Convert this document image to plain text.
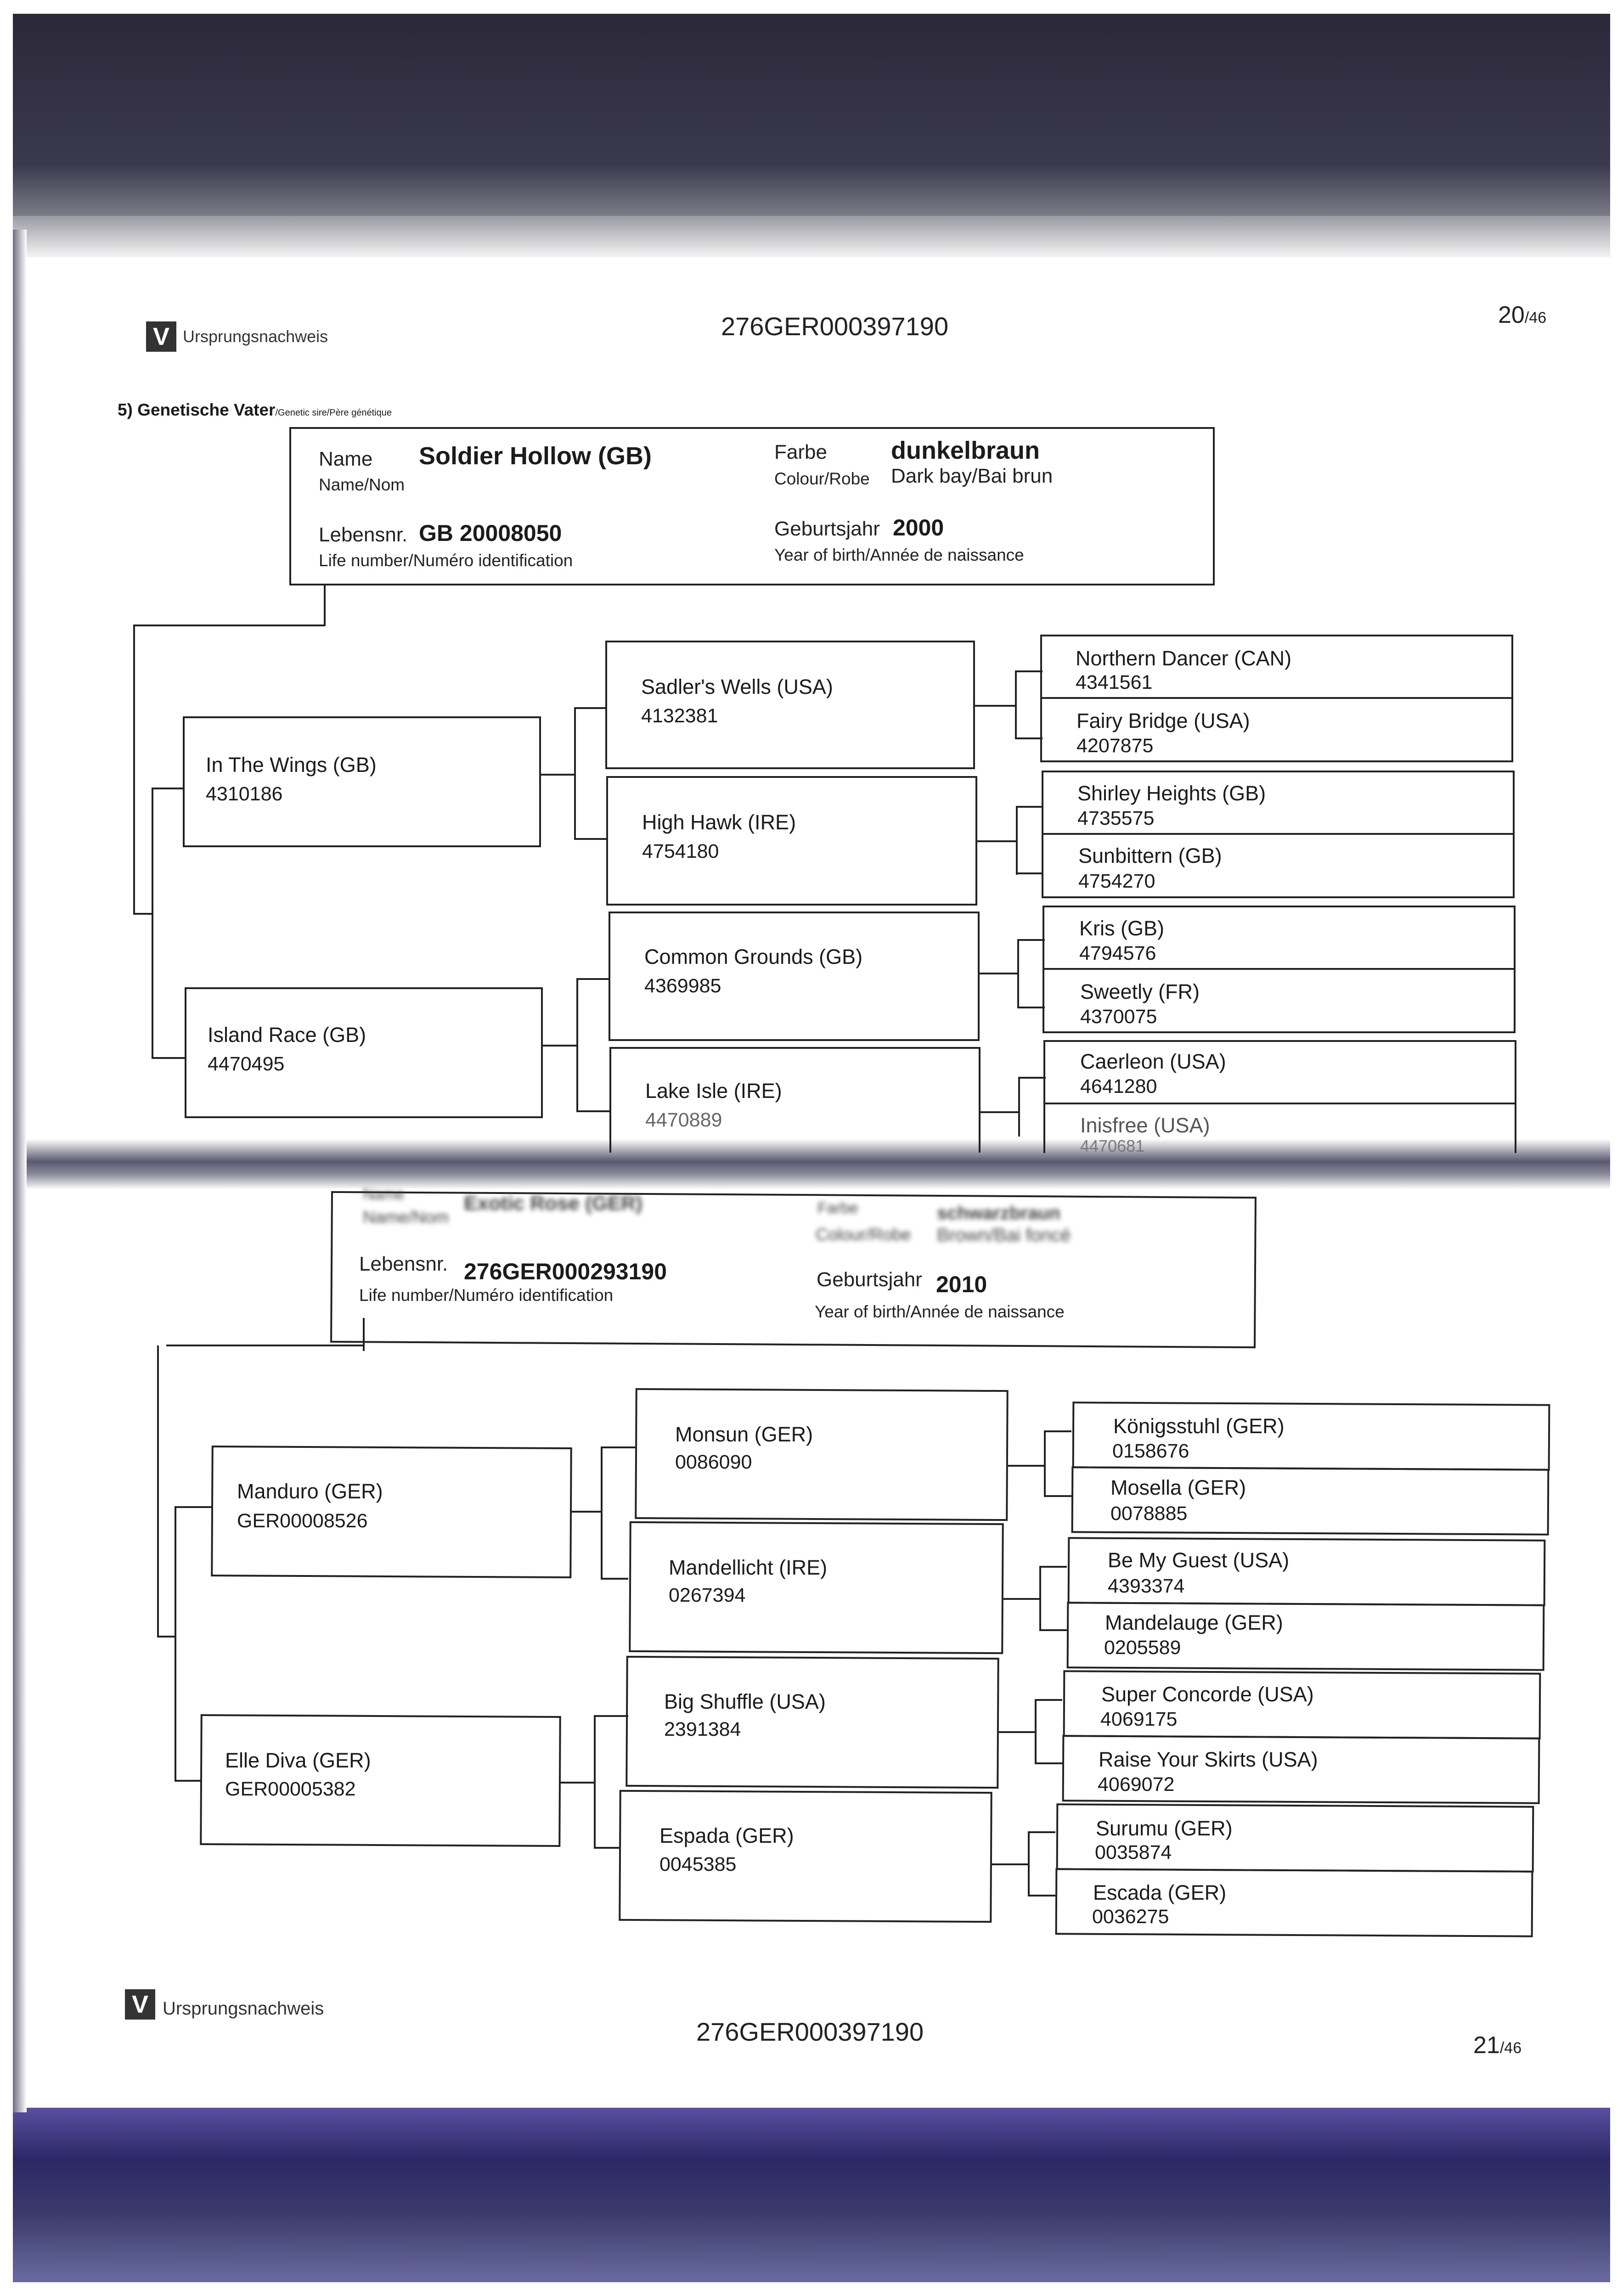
V Ursprungsnachweis	276GER000397190	20/46
5) Genetische Vater/Genetic sire/Père génétique
Name
Name/Nom
Soldier Hollow (GB)	Farbe
Colour/Robe
dunkelbraun
Dark bay/Bai brun
Lebensnr. GB 20008050
Life number/Numéro identification
Geburtsjahr 2000
Year of birth/Année de naissance
In The Wings (GB)
4310186
Island Race (GB)
4470495
Sadler's Wells (USA)
4132381
High Hawk (IRE)
4754180
Common Grounds (GB)
4369985
Lake Isle (IRE)
4470889
Northern Dancer (CAN)
4341561
Fairy Bridge (USA)
4207875
Shirley Heights (GB)
4735575
Sunbittern (GB)
4754270
Kris (GB)
4794576
Sweetly (FR)
4370075
Caerleon (USA)
4641280
Inisfree (USA)
4470681
Name
Name/Nom
Exotic Rose (GER)	Farbe
Colour/Robe
schwarzbraun
Brown/Bai foncé
Lebensnr. 276GER000293190
Life number/Numéro identification
Geburtsjahr 2010
Year of birth/Année de naissance
Manduro (GER)
GER00008526
Elle Diva (GER)
GER00005382
Monsun (GER)
0086090
Mandellicht (IRE)
0267394
Big Shuffle (USA)
2391384
Espada (GER)
0045385
Königsstuhl (GER)
0158676
Mosella (GER)
0078885
Be My Guest (USA)
4393374
Mandelauge (GER)
0205589
Super Concorde (USA)
4069175
Raise Your Skirts (USA)
4069072
Surumu (GER)
0035874
Escada (GER)
0036275
V Ursprungsnachweis
276GER000397190	21/46
